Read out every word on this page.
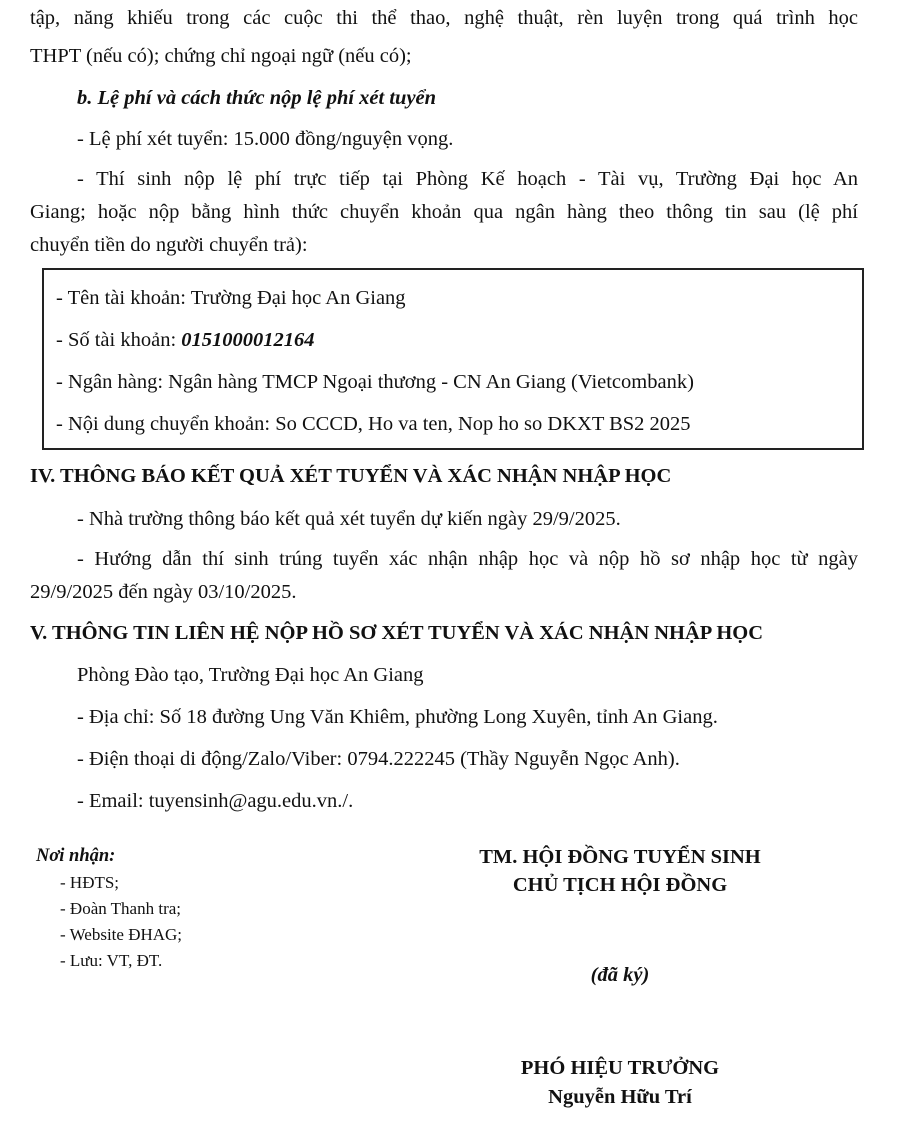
tập, năng khiếu trong các cuộc thi thể thao, nghệ thuật, rèn luyện trong quá trình học
THPT (nếu có); chứng chỉ ngoại ngữ (nếu có);
b. Lệ phí và cách thức nộp lệ phí xét tuyển
- Lệ phí xét tuyển: 15.000 đồng/nguyện vọng.
- Thí sinh nộp lệ phí trực tiếp tại Phòng Kế hoạch - Tài vụ, Trường Đại học An
Giang; hoặc nộp bằng hình thức chuyển khoản qua ngân hàng theo thông tin sau (lệ phí
chuyển tiền do người chuyển trả):
- Tên tài khoản: Trường Đại học An Giang
- Số tài khoản: 0151000012164
- Ngân hàng: Ngân hàng TMCP Ngoại thương - CN An Giang (Vietcombank)
- Nội dung chuyển khoản: So CCCD, Ho va ten, Nop ho so DKXT BS2 2025
IV. THÔNG BÁO KẾT QUẢ XÉT TUYỂN VÀ XÁC NHẬN NHẬP HỌC
- Nhà trường thông báo kết quả xét tuyển dự kiến ngày 29/9/2025.
- Hướng dẫn thí sinh trúng tuyển xác nhận nhập học và nộp hồ sơ nhập học từ ngày
29/9/2025 đến ngày 03/10/2025.
V. THÔNG TIN LIÊN HỆ NỘP HỒ SƠ XÉT TUYỂN VÀ XÁC NHẬN NHẬP HỌC
Phòng Đào tạo, Trường Đại học An Giang
- Địa chỉ: Số 18 đường Ung Văn Khiêm, phường Long Xuyên, tỉnh An Giang.
- Điện thoại di động/Zalo/Viber: 0794.222245 (Thầy Nguyễn Ngọc Anh).
- Email: tuyensinh@agu.edu.vn./.
Nơi nhận:
- HĐTS;
- Đoàn Thanh tra;
- Website ĐHAG;
- Lưu: VT, ĐT.
TM. HỘI ĐỒNG TUYỂN SINH
CHỦ TỊCH HỘI ĐỒNG
(đã ký)
PHÓ HIỆU TRƯỞNG
Nguyễn Hữu Trí
